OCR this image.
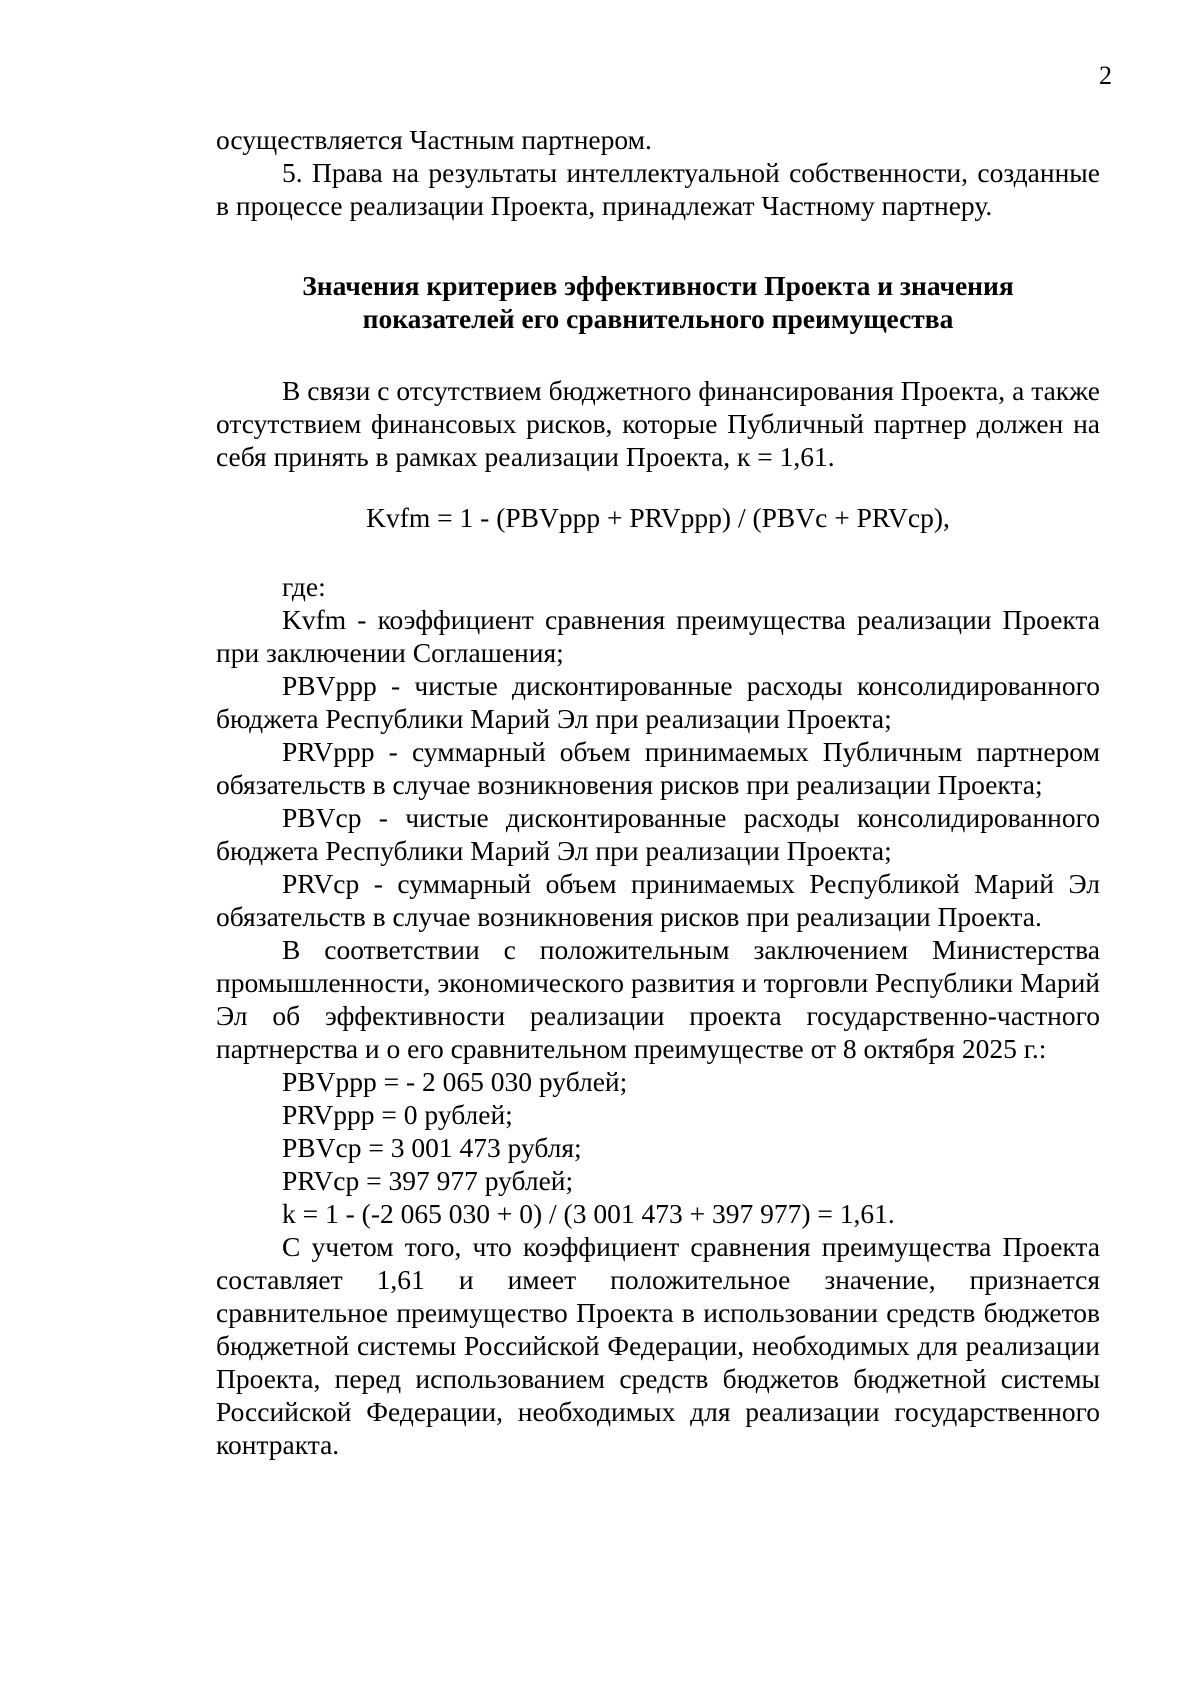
2

осуществляется Частным партнером.

5. Права на результаты интеллектуальной собственности, созданные в процессе реализации Проекта, принадлежат Частному партнеру.

Значения критериев эффективности Проекта и значения
показателей его сравнительного преимущества

В связи с отсутствием бюджетного финансирования Проекта, а также отсутствием финансовых рисков, которые Публичный партнер должен на себя принять в рамках реализации Проекта, к = 1,61.

Kvfm = 1 - (PBVppp + PRVppp) / (PBVc + PRVcp),

где:

Kvfm - коэффициент сравнения преимущества реализации Проекта при заключении Соглашения;

PBVppp - чистые дисконтированные расходы консолидированного бюджета Республики Марий Эл при реализации Проекта;

PRVppp - суммарный объем принимаемых Публичным партнером обязательств в случае возникновения рисков при реализации Проекта;

PBVcp - чистые дисконтированные расходы консолидированного бюджета Республики Марий Эл при реализации Проекта;

PRVcp - суммарный объем принимаемых Республикой Марий Эл обязательств в случае возникновения рисков при реализации Проекта.

В соответствии с положительным заключением Министерства промышленности, экономического развития и торговли Республики Марий Эл об эффективности реализации проекта государственно-частного партнерства и о его сравнительном преимуществе от 8 октября 2025 г.:

PBVppp = - 2 065 030 рублей;

PRVppp = 0 рублей;

PBVcp = 3 001 473 рубля;

PRVcp = 397 977 рублей;

k = 1 - (-2 065 030 + 0) / (3 001 473 + 397 977) = 1,61.

С учетом того, что коэффициент сравнения преимущества Проекта составляет 1,61 и имеет положительное значение, признается сравнительное преимущество Проекта в использовании средств бюджетов бюджетной системы Российской Федерации, необходимых для реализации Проекта, перед использованием средств бюджетов бюджетной системы Российской Федерации, необходимых для реализации государственного контракта.
